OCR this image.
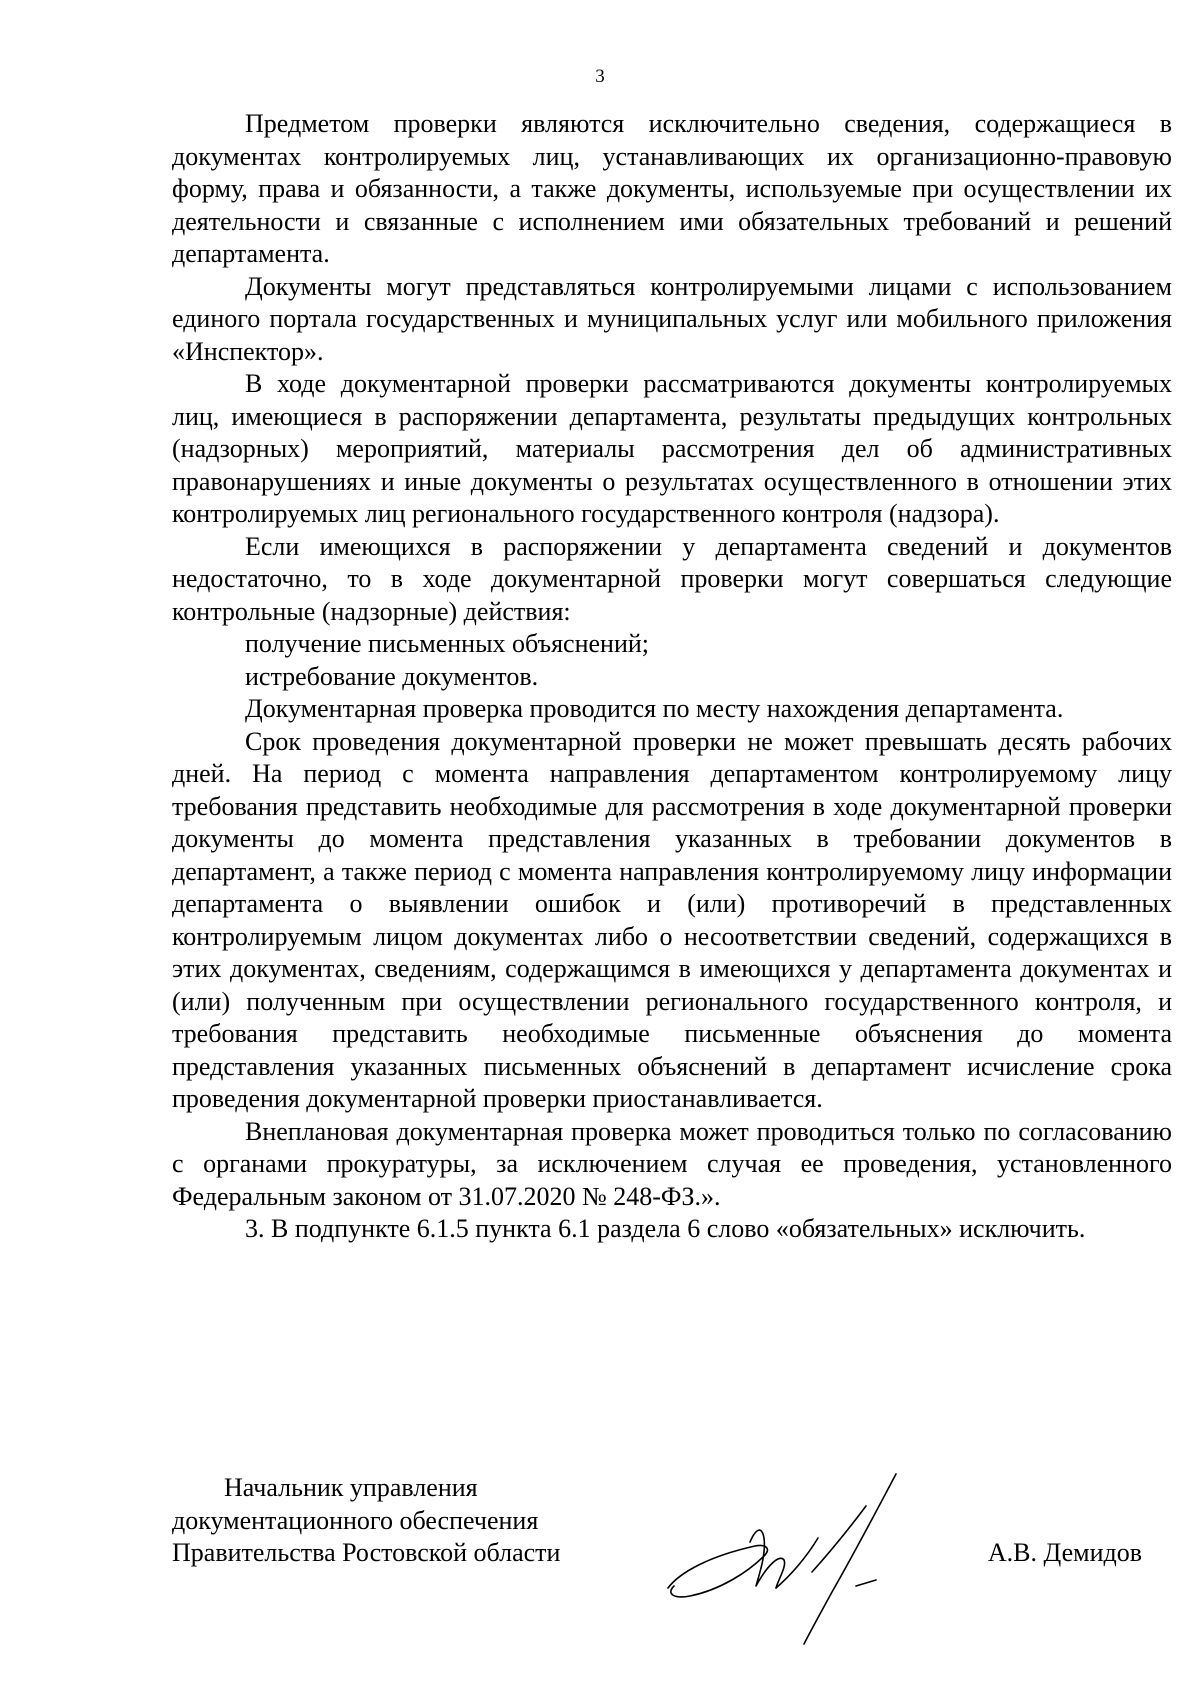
3

Предметом проверки являются исключительно сведения, содержащиеся в документах контролируемых лиц, устанавливающих их организационно-правовую форму, права и обязанности, а также документы, используемые при осуществлении их деятельности и связанные с исполнением ими обязательных требований и решений департамента.

Документы могут представляться контролируемыми лицами с использованием единого портала государственных и муниципальных услуг или мобильного приложения «Инспектор».

В ходе документарной проверки рассматриваются документы контролируемых лиц, имеющиеся в распоряжении департамента, результаты предыдущих контрольных (надзорных) мероприятий, материалы рассмотрения дел об административных правонарушениях и иные документы о результатах осуществленного в отношении этих контролируемых лиц регионального государственного контроля (надзора).

Если имеющихся в распоряжении у департамента сведений и документов недостаточно, то в ходе документарной проверки могут совершаться следующие контрольные (надзорные) действия:

получение письменных объяснений;

истребование документов.

Документарная проверка проводится по месту нахождения департамента.

Срок проведения документарной проверки не может превышать десять рабочих дней. На период с момента направления департаментом контролируемому лицу требования представить необходимые для рассмотрения в ходе документарной проверки документы до момента представления указанных в требовании документов в департамент, а также период с момента направления контролируемому лицу информации департамента о выявлении ошибок и (или) противоречий в представленных контролируемым лицом документах либо о несоответствии сведений, содержащихся в этих документах, сведениям, содержащимся в имеющихся у департамента документах и (или) полученным при осуществлении регионального государственного контроля, и требования представить необходимые письменные объяснения до момента представления указанных письменных объяснений в департамент исчисление срока проведения документарной проверки приостанавливается.

Внеплановая документарная проверка может проводиться только по согласованию с органами прокуратуры, за исключением случая ее проведения, установленного Федеральным законом от 31.07.2020 № 248-ФЗ.».

3. В подпункте 6.1.5 пункта 6.1 раздела 6 слово «обязательных» исключить.

Начальник управления
документационного обеспечения
Правительства Ростовской области	А.В. Демидов
